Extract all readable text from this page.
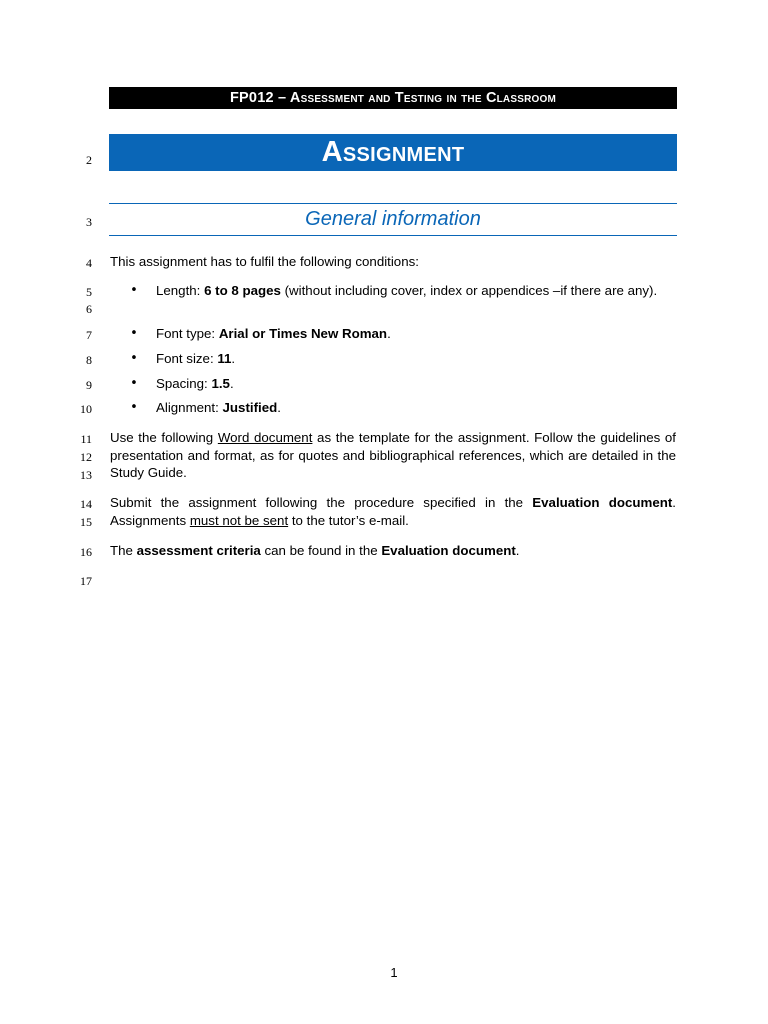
FP012 – Assessment and Testing in the Classroom
2	Assignment
3	General information
4 This assignment has to fulfil the following conditions:
5
6
• Length: 6 to 8 pages (without including cover, index or appendices –if there are any).
7	• Font type: Arial or Times New Roman.
8	• Font size: 11.
9	• Spacing: 1.5.
10	• Alignment: Justified.
11
12
13
Use the following Word document as the template for the assignment. Follow the guidelines of presentation and format, as for quotes and bibliographical references, which are detailed in the Study Guide.
14
15
Submit the assignment following the procedure specified in the Evaluation document. Assignments must not be sent to the tutor’s e-mail.
16 The assessment criteria can be found in the Evaluation document.
17
1
